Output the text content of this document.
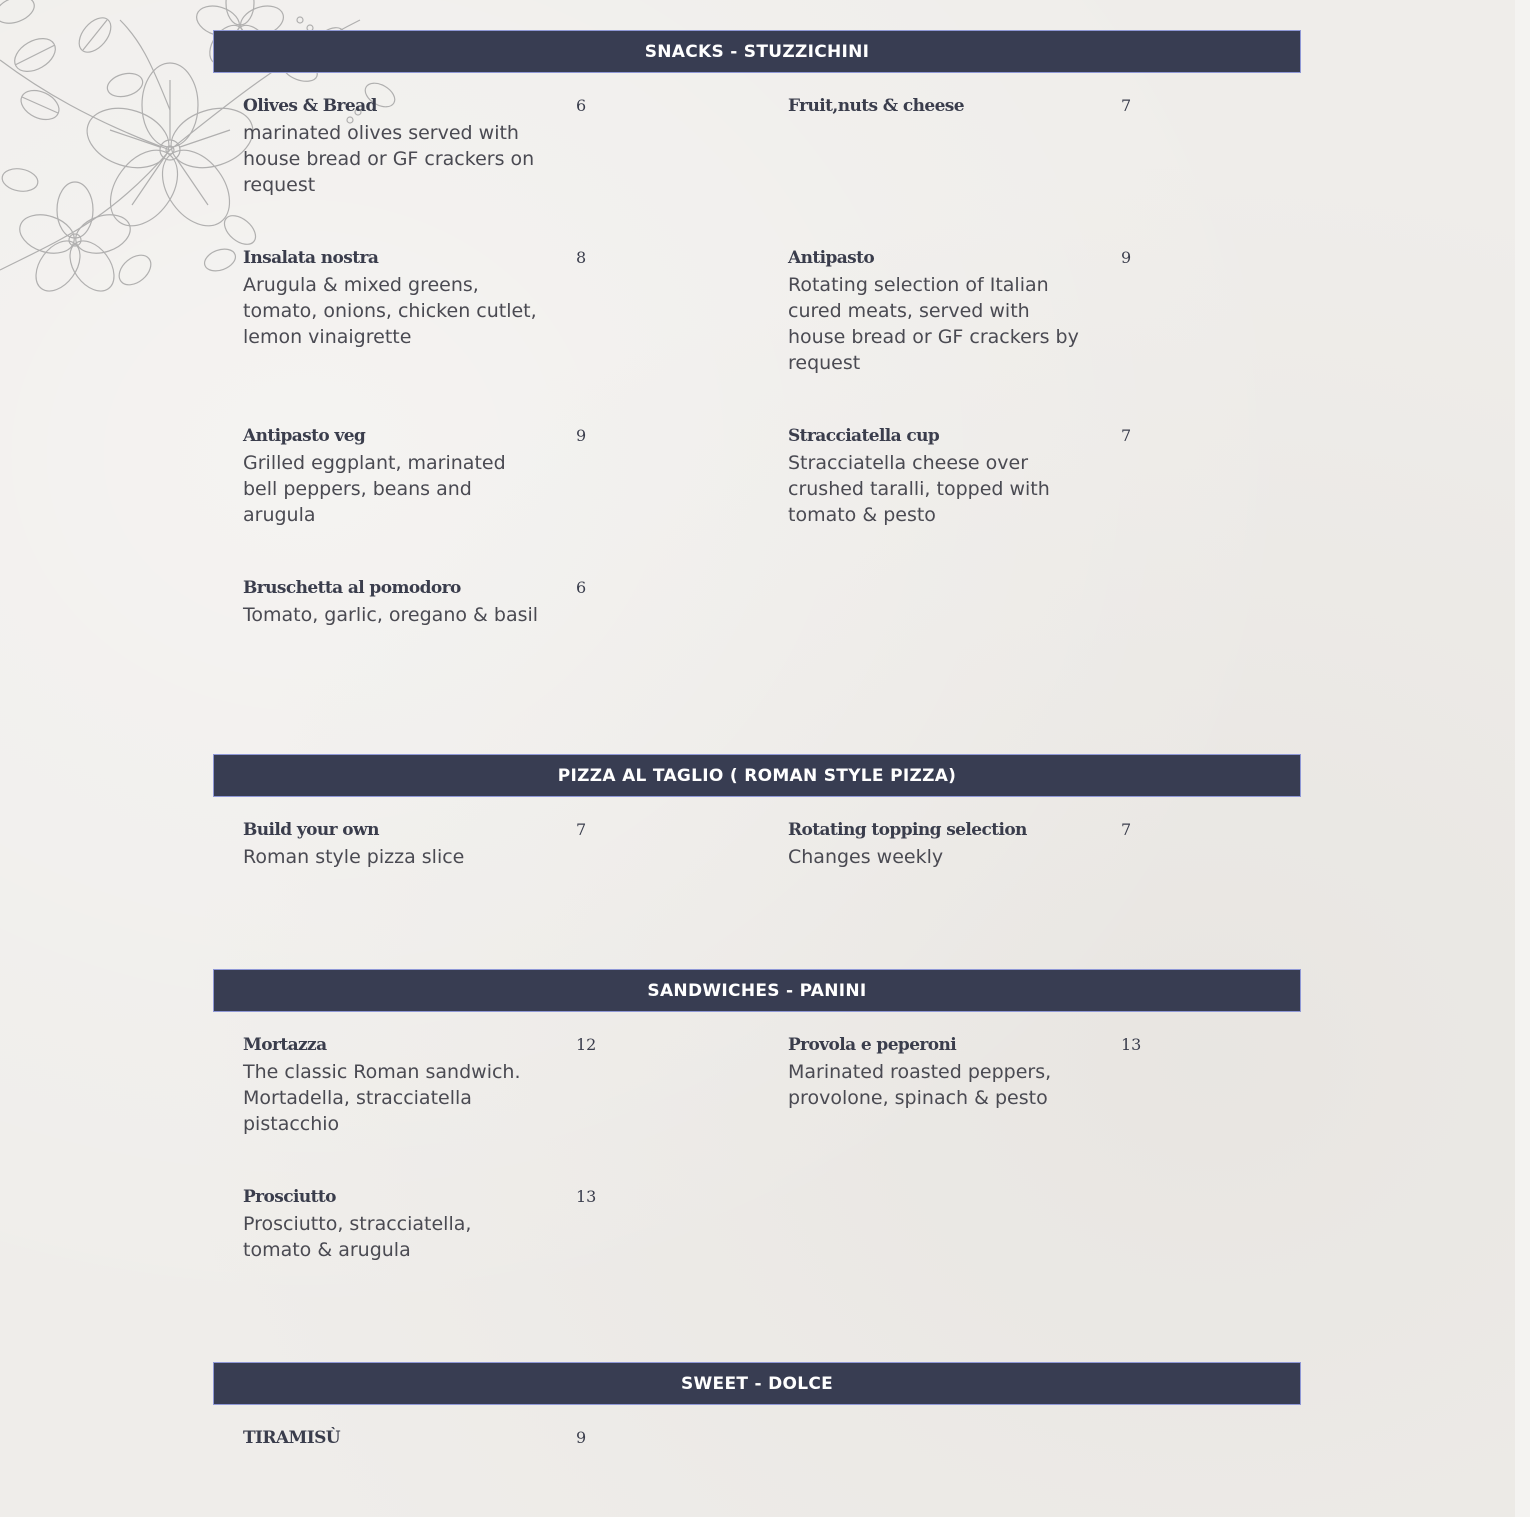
SNACKS - STUZZICHINI
Olives & Bread	6
marinated olives served with house bread or GF crackers on request
Fruit,nuts & cheese	7
Insalata nostra	8
Arugula & mixed greens, tomato, onions, chicken cutlet, lemon vinaigrette
Antipasto	9
Rotating selection of Italian cured meats, served with house bread or GF crackers by request
Antipasto veg	9
Grilled eggplant, marinated bell peppers, beans and arugula
Stracciatella cup	7
Stracciatella cheese over crushed taralli, topped with tomato & pesto
Bruschetta al pomodoro	6
Tomato, garlic, oregano & basil
PIZZA AL TAGLIO ( ROMAN STYLE PIZZA)
Build your own	7
Roman style pizza slice
Rotating topping selection	7
Changes weekly
SANDWICHES - PANINI
Mortazza	12
The classic Roman sandwich. Mortadella, stracciatella pistacchio
Provola e peperoni	13
Marinated roasted peppers, provolone, spinach & pesto
Prosciutto	13
Prosciutto, stracciatella, tomato & arugula
SWEET - DOLCE
TIRAMISÙ	9
